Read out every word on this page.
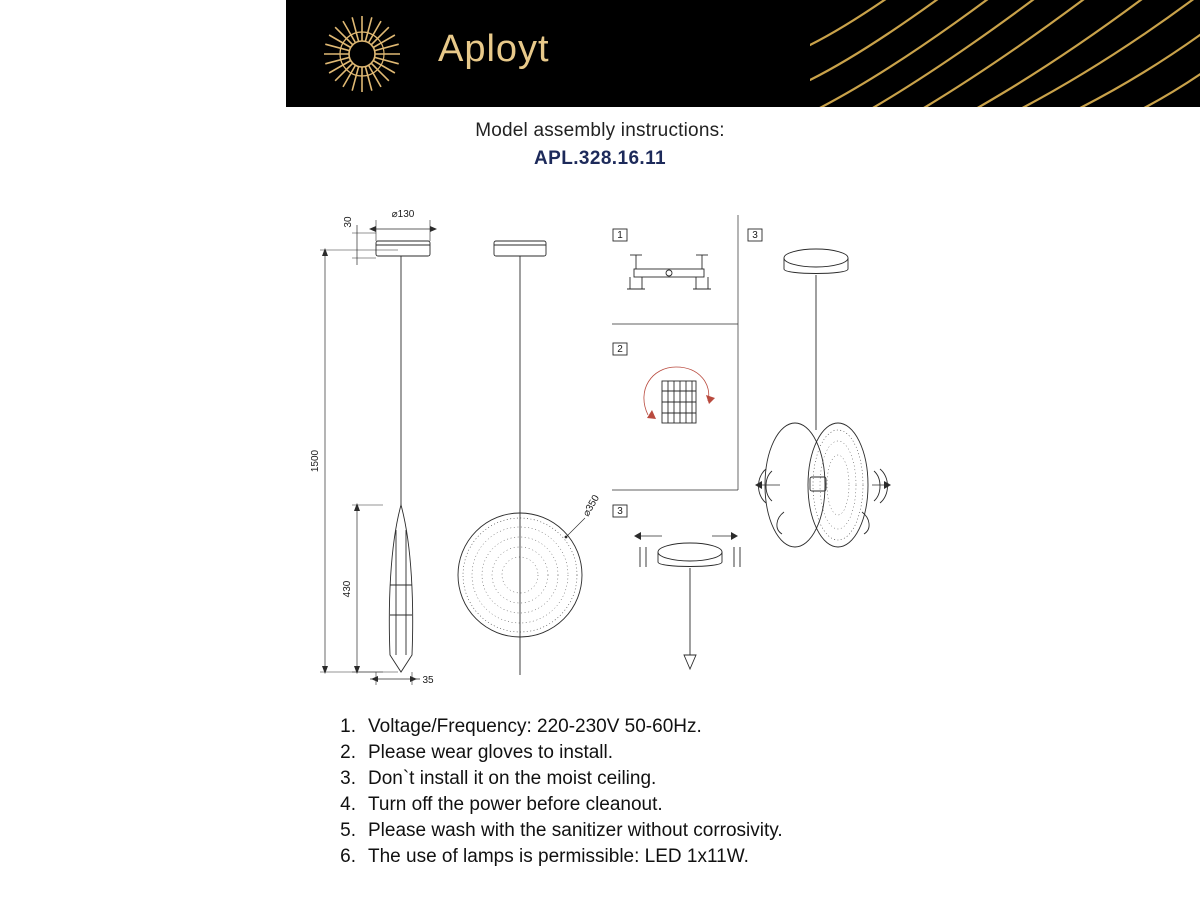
Aployt
Model assembly instructions:
APL.328.16.11
1500
430
30
⌀130
35
⌀350
1
2
3
3
1. Voltage/Frequency: 220-230V 50-60Hz.
2. Please wear gloves to install.
3. Don`t install it on the moist ceiling.
4. Turn off the power before cleanout.
5. Please wash with the sanitizer without corrosivity.
6. The use of lamps is permissible: LED 1x11W.
